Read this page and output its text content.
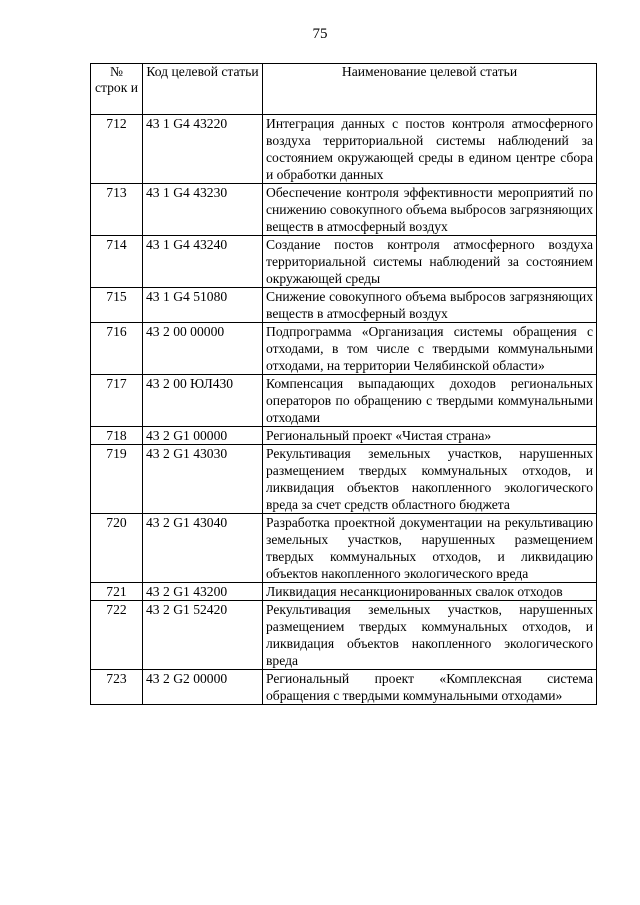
75
№ строк и	Код целевой статьи	Наименование целевой статьи
712	43 1 G4 43220	Интеграция данных с постов контроля атмосферного воздуха территориальной системы наблюдений за состоянием окружающей среды в едином центре сбора и обработки данных
713	43 1 G4 43230	Обеспечение контроля эффективности мероприятий по снижению совокупного объема выбросов загрязняющих веществ в атмосферный воздух
714	43 1 G4 43240	Создание постов контроля атмосферного воздуха территориальной системы наблюдений за состоянием окружающей среды
715	43 1 G4 51080	Снижение совокупного объема выбросов загрязняющих веществ в атмосферный воздух
716	43 2 00 00000	Подпрограмма «Организация системы обращения с отходами, в том числе с твердыми коммунальными отходами, на территории Челябинской области»
717	43 2 00 ЮЛ430	Компенсация выпадающих доходов региональных операторов по обращению с твердыми коммунальными отходами
718	43 2 G1 00000	Региональный проект «Чистая страна»
719	43 2 G1 43030	Рекультивация земельных участков, нарушенных размещением твердых коммунальных отходов, и ликвидация объектов накопленного экологического вреда за счет средств областного бюджета
720	43 2 G1 43040	Разработка проектной документации на рекультивацию земельных участков, нарушенных размещением твердых коммунальных отходов, и ликвидацию объектов накопленного экологического вреда
721	43 2 G1 43200	Ликвидация несанкционированных свалок отходов
722	43 2 G1 52420	Рекультивация земельных участков, нарушенных размещением твердых коммунальных отходов, и ликвидация объектов накопленного экологического вреда
723	43 2 G2 00000	Региональный проект «Комплексная система обращения с твердыми коммунальными отходами»
